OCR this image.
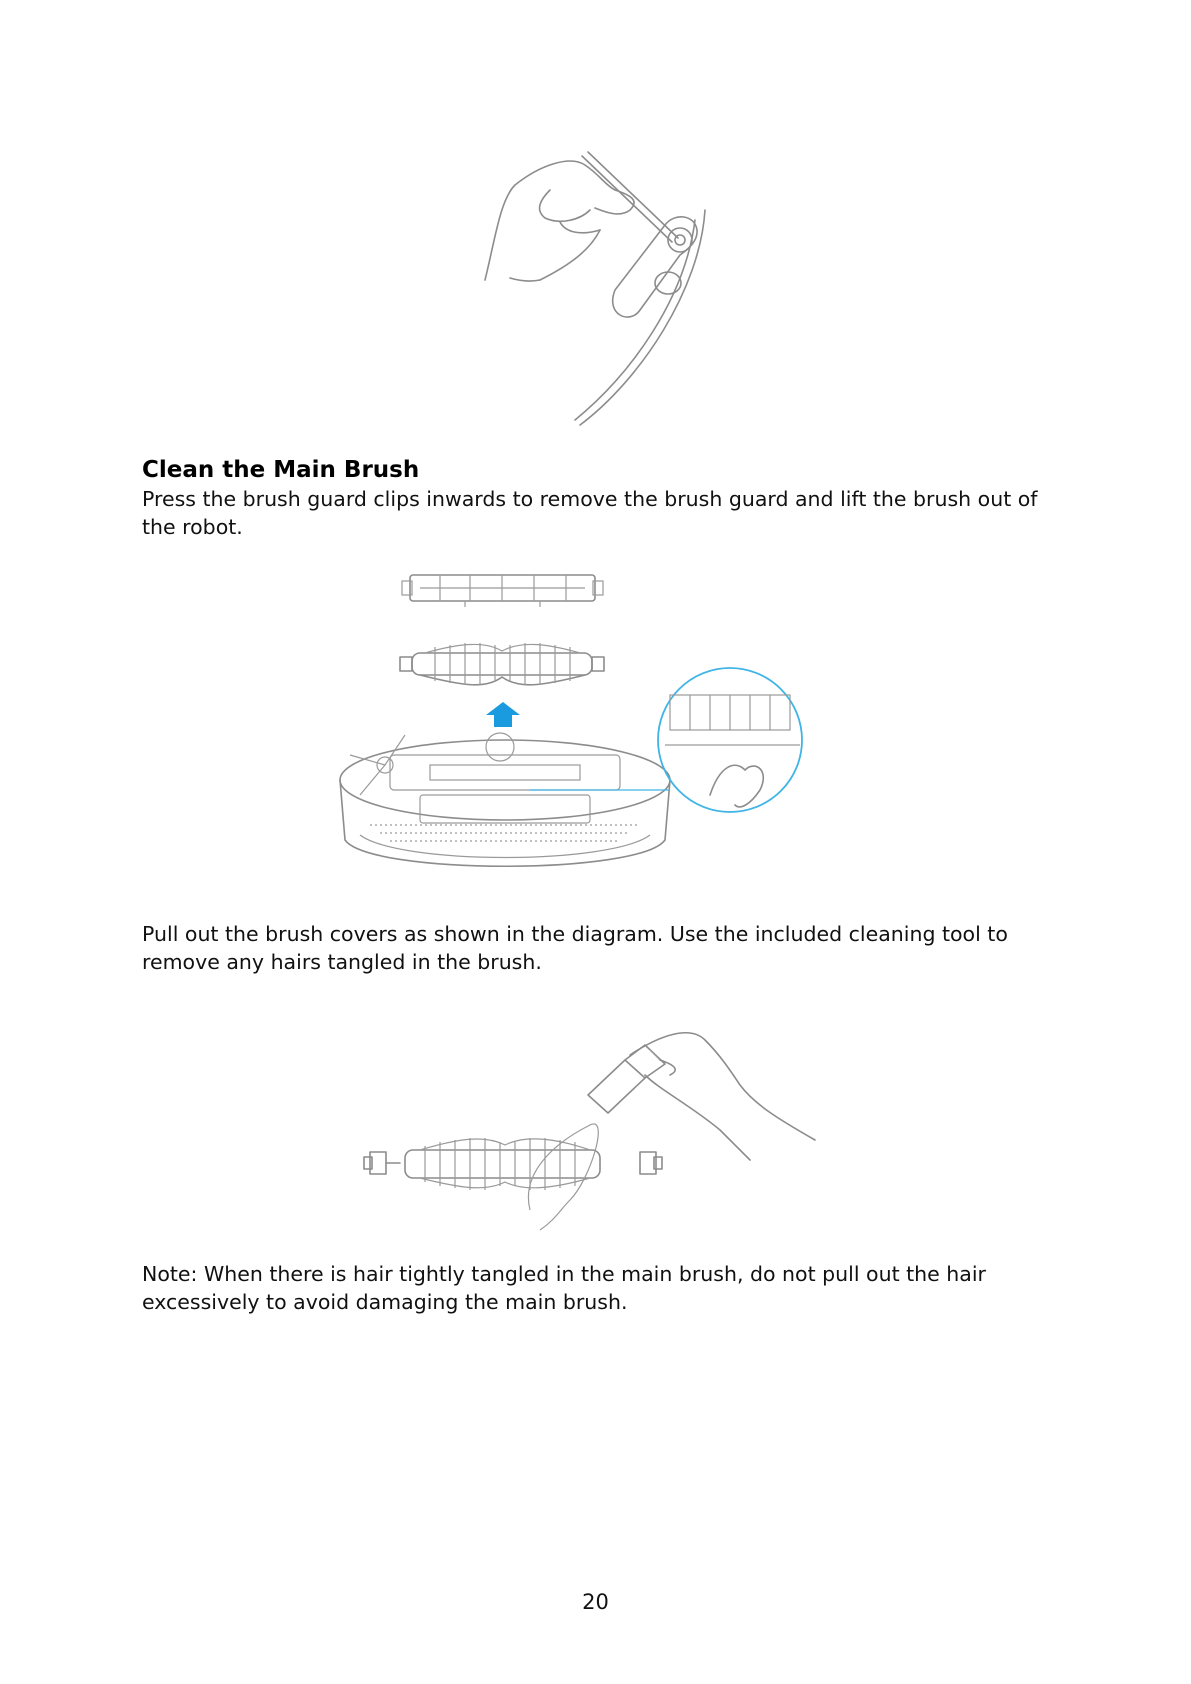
Clean the Main Brush

Press the brush guard clips inwards to remove the brush guard and lift the brush out of the robot.

Pull out the brush covers as shown in the diagram. Use the included cleaning tool to remove any hairs tangled in the brush.

Note: When there is hair tightly tangled in the main brush, do not pull out the hair excessively to avoid damaging the main brush.

20
